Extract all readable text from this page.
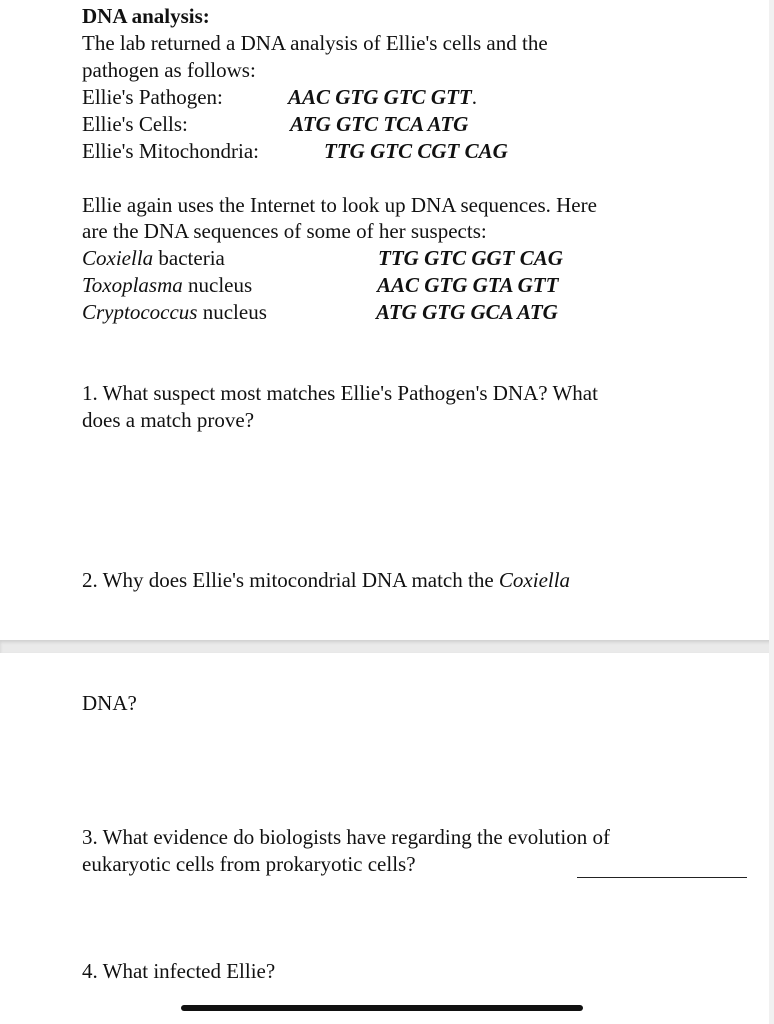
DNA analysis:
The lab returned a DNA analysis of Ellie's cells and the
pathogen as follows:
Ellie's Pathogen:	AAC GTG GTC GTT.
Ellie's Cells:	ATG GTC TCA ATG
Ellie's Mitochondria:	TTG GTC CGT CAG
Ellie again uses the Internet to look up DNA sequences. Here
are the DNA sequences of some of her suspects:
Coxiella bacteria	TTG GTC GGT CAG
Toxoplasma nucleus	AAC GTG GTA GTT
Cryptococcus nucleus	ATG GTG GCA ATG
1. What suspect most matches Ellie's Pathogen's DNA? What
does a match prove?
2. Why does Ellie's mitocondrial DNA match the Coxiella
DNA?
3. What evidence do biologists have regarding the evolution of
eukaryotic cells from prokaryotic cells?
4. What infected Ellie?
